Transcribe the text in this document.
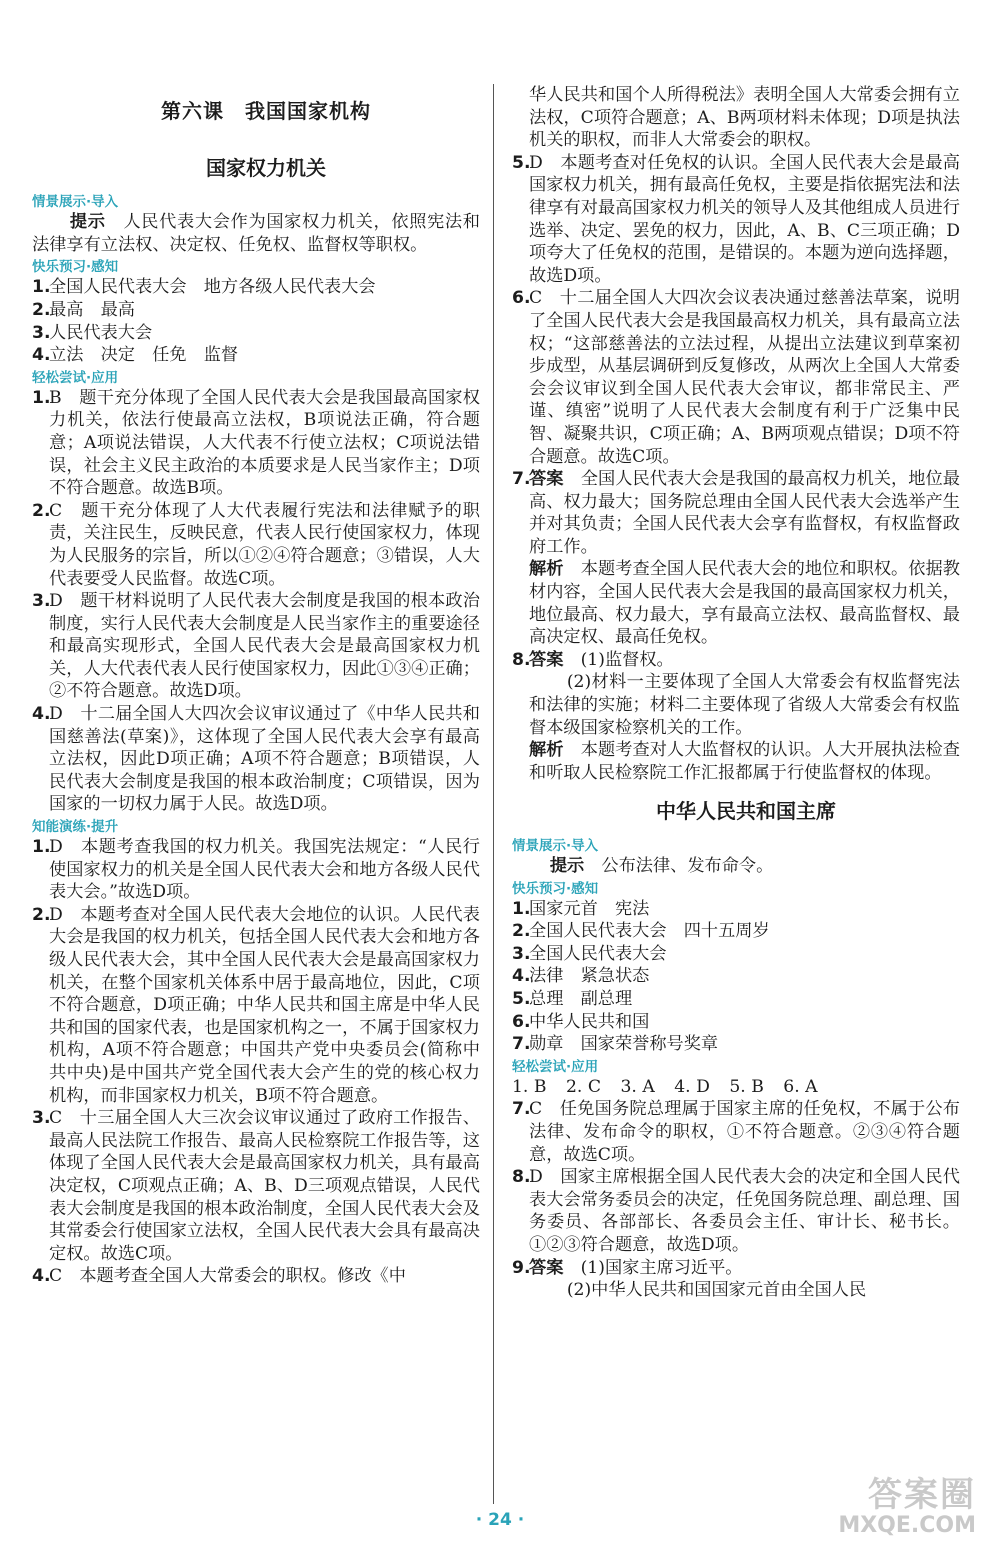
第六课　我国国家机构
国家权力机关
情景展示·导入

提示　 人民代表大会作为国家权力机关，依照宪法和法律享有立法权、决定权、任免权、监督权等职权。

快乐预习·感知
1.
全国人民代表大会　地方各级人民代表大会
2.
最高　最高
3.
人民代表大会
4.
立法　决定　任免　监督
轻松尝试·应用
1.
B　题干充分体现了全国人民代表大会是我国最高国家权力机关，依法行使最高立法权，B项说法正确，符合题意；A项说法错误，人大代表不行使立法权；C项说法错误，社会主义民主政治的本质要求是人民当家作主；D项不符合题意。故选B项。
2.
C　题干充分体现了人大代表履行宪法和法律赋予的职责，关注民生，反映民意，代表人民行使国家权力，体现为人民服务的宗旨，所以①②④符合题意；③错误，人大代表要受人民监督。故选C项。
3.
D　题干材料说明了人民代表大会制度是我国的根本政治制度，实行人民代表大会制度是人民当家作主的重要途径和最高实现形式，全国人民代表大会是最高国家权力机关，人大代表代表人民行使国家权力，因此①③④正确；②不符合题意。故选D项。
4.
D　十二届全国人大四次会议审议通过了《中华人民共和国慈善法(草案)》，这体现了全国人民代表大会享有最高立法权，因此D项正确；A项不符合题意；B项错误，人民代表大会制度是我国的根本政治制度；C项错误，因为国家的一切权力属于人民。故选D项。
知能演练·提升
1.
D　本题考查我国的权力机关。我国宪法规定：“人民行使国家权力的机关是全国人民代表大会和地方各级人民代表大会。”故选D项。
2.
D　本题考查对全国人民代表大会地位的认识。人民代表大会是我国的权力机关，包括全国人民代表大会和地方各级人民代表大会，其中全国人民代表大会是最高国家权力机关，在整个国家机关体系中居于最高地位，因此，C项不符合题意，D项正确；中华人民共和国主席是中华人民共和国的国家代表，也是国家机构之一，不属于国家权力机构，A项不符合题意；中国共产党中央委员会(简称中共中央)是中国共产党全国代表大会产生的党的核心权力机构，而非国家权力机关，B项不符合题意。
3.
C　十三届全国人大三次会议审议通过了政府工作报告、最高人民法院工作报告、最高人民检察院工作报告等，这体现了全国人民代表大会是最高国家权力机关，具有最高决定权，C项观点正确；A、B、D三项观点错误，人民代表大会制度是我国的根本政治制度，全国人民代表大会及其常委会行使国家立法权，全国人民代表大会具有最高决定权。故选C项。
4.
C　本题考查全国人大常委会的职权。修改《中

华人民共和国个人所得税法》表明全国人大常委会拥有立法权，C项符合题意；A、B两项材料未体现；D项是执法机关的职权，而非人大常委会的职权。

5.
D　本题考查对任免权的认识。全国人民代表大会是最高国家权力机关，拥有最高任免权，主要是指依据宪法和法律享有对最高国家权力机关的领导人及其他组成人员进行选举、决定、罢免的权力，因此，A、B、C三项正确；D项夸大了任免权的范围，是错误的。本题为逆向选择题，故选D项。
6.
C　十二届全国人大四次会议表决通过慈善法草案，说明了全国人民代表大会是我国最高权力机关，具有最高立法权；“这部慈善法的立法过程，从提出立法建议到草案初步成型，从基层调研到反复修改，从两次上全国人大常委会会议审议到全国人民代表大会审议，都非常民主、严谨、缜密”说明了人民代表大会制度有利于广泛集中民智、凝聚共识，C项正确；A、B两项观点错误；D项不符合题意。故选C项。
7.
答案　 全国人民代表大会是我国的最高权力机关，地位最高、权力最大；国务院总理由全国人民代表大会选举产生并对其负责；全国人民代表大会享有监督权，有权监督政府工作。

解析　 本题考查全国人民代表大会的地位和职权。依据教材内容，全国人民代表大会是我国的最高国家权力机关，地位最高、权力最大，享有最高立法权、最高监督权、最高决定权、最高任免权。

8.
答案　 (1)监督权。

(2)材料一主要体现了全国人大常委会有权监督宪法和法律的实施；材料二主要体现了省级人大常委会有权监督本级国家检察机关的工作。

解析　 本题考查对人大监督权的认识。人大开展执法检查和听取人民检察院工作汇报都属于行使监督权的体现。

中华人民共和国主席
情景展示·导入

提示　 公布法律、发布命令。

快乐预习·感知
1.
国家元首　宪法
2.
全国人民代表大会　四十五周岁
3.
全国人民代表大会
4.
法律　紧急状态
5.
总理　副总理
6.
中华人民共和国
7.
勋章　国家荣誉称号奖章
轻松尝试·应用
1. B 2. C 3. A 4. D 5. B 6. A
7.
C　任免国务院总理属于国家主席的任免权，不属于公布法律、发布命令的职权，①不符合题意。②③④符合题意，故选C项。
8.
D　国家主席根据全国人民代表大会的决定和全国人民代表大会常务委员会的决定，任免国务院总理、副总理、国务委员、各部部长、各委员会主任、审计长、秘书长。①②③符合题意，故选D项。
9.
答案　 (1)国家主席习近平。

(2)中华人民共和国国家元首由全国人民

· 24 ·
答案圈
MXQE.COM
